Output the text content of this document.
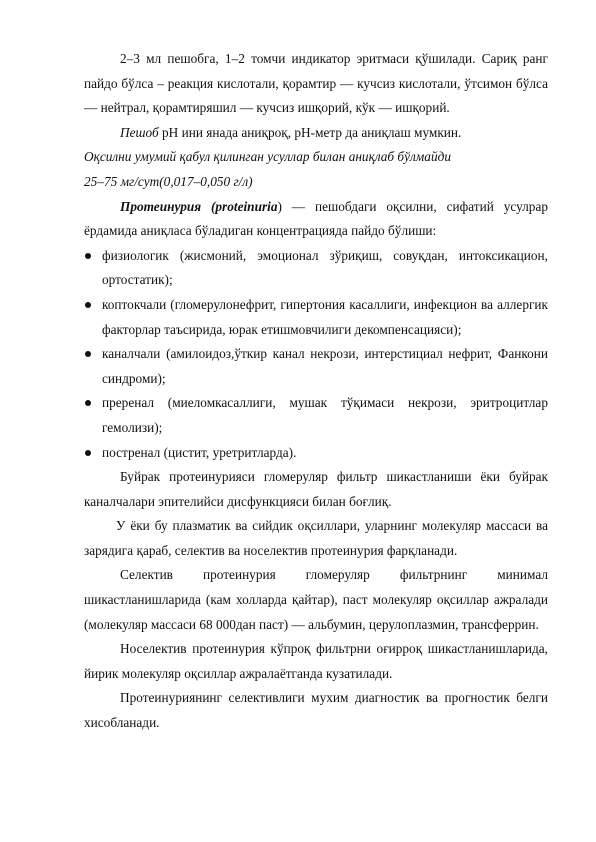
2–3 мл пешобга, 1–2 томчи индикатор эритмаси қўшилади. Сариқ ранг пайдо бўлса – реакция кислотали, қорамтир — кучсиз кислотали, ўтсимон бўлса — нейтрал, қорамтиряшил — кучсиз ишқорий, кўк — ишқорий.

Пешоб pH ини янада аниқроқ, pH-метр да аниқлаш мумкин.

Оқсилни умумий қабул қилинган усуллар билан аниқлаб бўлмайди

25–75 мг/сут(0,017–0,050 г/л)

Протеинурия (proteinuria) — пешобдаги оқсилни, сифатий усулрар ёрдамида аниқласа бўладиган концентрацияда пайдо бўлиши:

физиологик (жисмоний, эмоционал зўриқиш, совуқдан, интоксикацион, ортостатик);
коптокчали (гломерулонефрит, гипертония касаллиги, инфекцион ва аллергик факторлар таъсирида, юрак етишмовчилиги декомпенсацияси);
каналчали (амилоидоз,ўткир канал некрози, интерстициал нефрит, Фанкони синдроми);
преренал (миеломкасаллиги, мушак тўқимаси некрози, эритроцитлар гемолизи);
постренал (цистит, уретритларда).

Буйрак протеинурияси гломеруляр фильтр шикастланиши ёки буйрак каналчалари эпителийси дисфункцияси билан боғлиқ.

У ёки бу плазматик ва сийдик оқсиллари, уларнинг молекуляр массаси ва зарядига қараб, селектив ва носелектив протеинурия фарқланади.

Селектив протеинурия гломеруляр фильтрнинг минимал шикастланишларида (кам холларда қайтар), паст молекуляр оқсиллар ажралади (молекуляр массаси 68 000дан паст) — альбумин, церулоплазмин, трансферрин.

Носелектив протеинурия кўпроқ фильтрни оғирроқ шикастланишларида, йирик молекуляр оқсиллар ажралаётганда кузатилади.

Протеинуриянинг селективлиги мухим диагностик ва прогностик белги хисобланади.
